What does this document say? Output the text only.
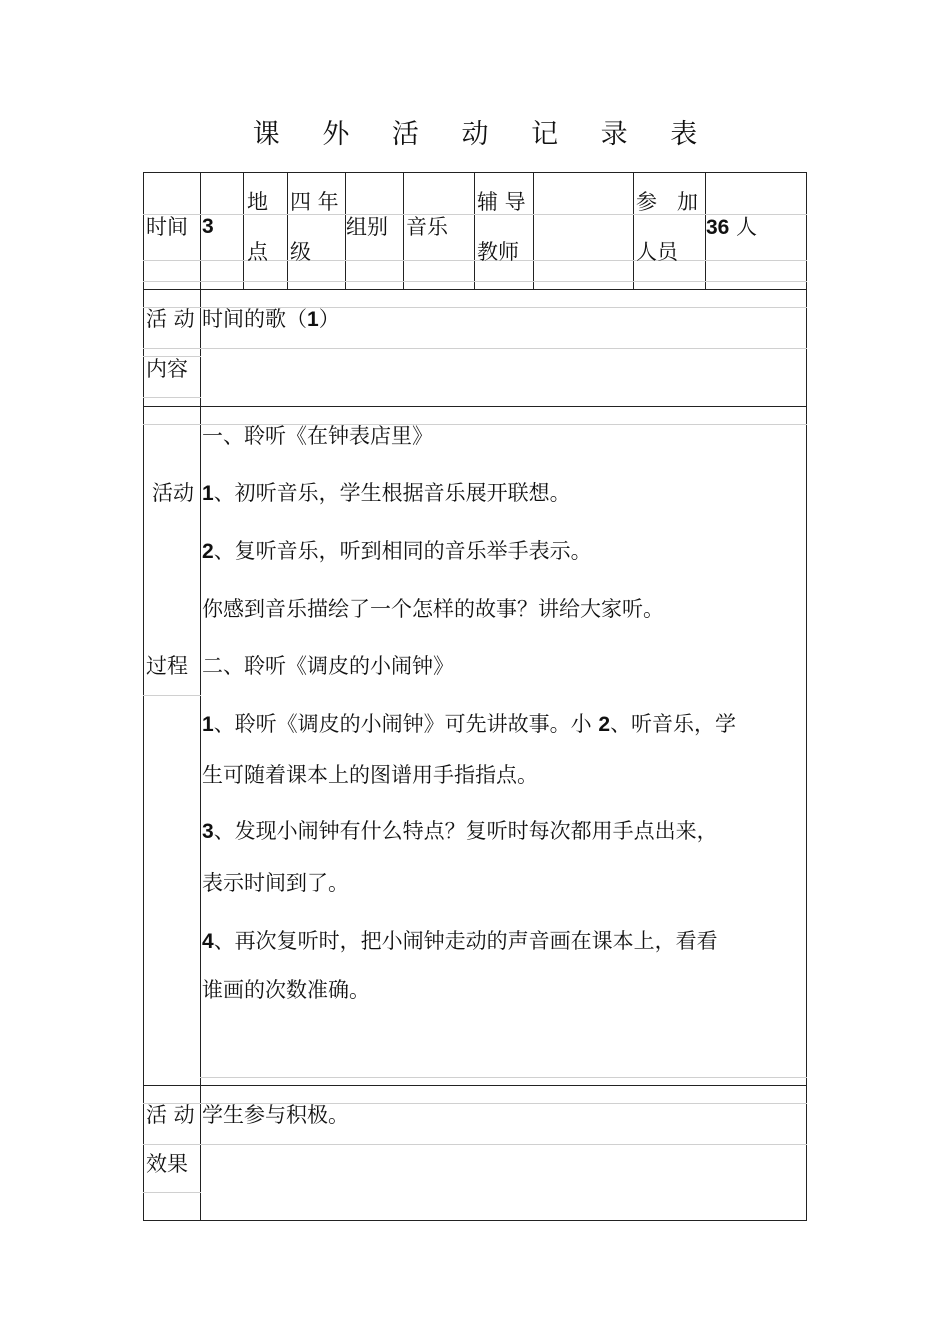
课 外 活 动 记 录 表
时间 3
地
点
四 年
级
组别 音乐
辅 导
教师
参   加
人员
36 人
活 动
内容
时间的歌（1）
活动
过程
一、聆听《在钟表店里》
1、初听音乐，学生根据音乐展开联想。
2、复听音乐，听到相同的音乐举手表示。
你感到音乐描绘了一个怎样的故事？讲给大家听。
二、聆听《调皮的小闹钟》
1、聆听《调皮的小闹钟》可先讲故事。小 2、听音乐，学
生可随着课本上的图谱用手指指点。
3、发现小闹钟有什么特点？复听时每次都用手点出来，
表示时间到了。
4、再次复听时，把小闹钟走动的声音画在课本上，看看
谁画的次数准确。
活 动
效果
学生参与积极。
